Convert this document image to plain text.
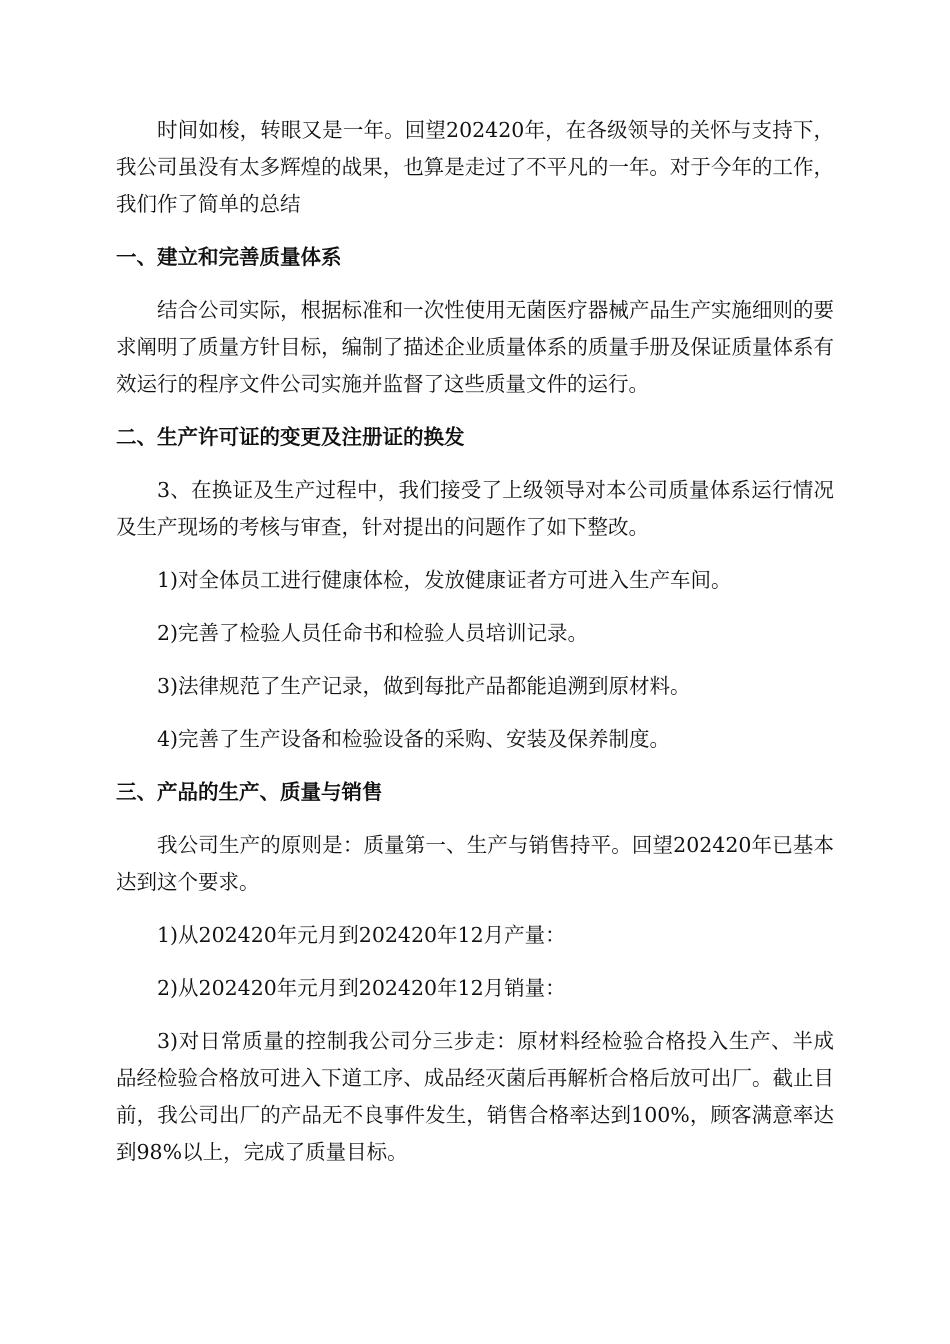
时间如梭，转眼又是一年。回望202420年，在各级领导的关怀与支持下，我公司虽没有太多辉煌的战果，也算是走过了不平凡的一年。对于今年的工作，我们作了简单的总结

一、建立和完善质量体系

结合公司实际，根据标准和一次性使用无菌医疗器械产品生产实施细则的要求阐明了质量方针目标，编制了描述企业质量体系的质量手册及保证质量体系有效运行的程序文件公司实施并监督了这些质量文件的运行。

二、生产许可证的变更及注册证的换发

3、在换证及生产过程中，我们接受了上级领导对本公司质量体系运行情况及生产现场的考核与审查，针对提出的问题作了如下整改。

1)对全体员工进行健康体检，发放健康证者方可进入生产车间。

2)完善了检验人员任命书和检验人员培训记录。

3)法律规范了生产记录，做到每批产品都能追溯到原材料。

4)完善了生产设备和检验设备的采购、安装及保养制度。

三、产品的生产、质量与销售

我公司生产的原则是：质量第一、生产与销售持平。回望202420年已基本达到这个要求。

1)从202420年元月到202420年12月产量：

2)从202420年元月到202420年12月销量：

3)对日常质量的控制我公司分三步走：原材料经检验合格投入生产、半成品经检验合格放可进入下道工序、成品经灭菌后再解析合格后放可出厂。截止目前，我公司出厂的产品无不良事件发生，销售合格率达到100%，顾客满意率达到98%以上，完成了质量目标。
